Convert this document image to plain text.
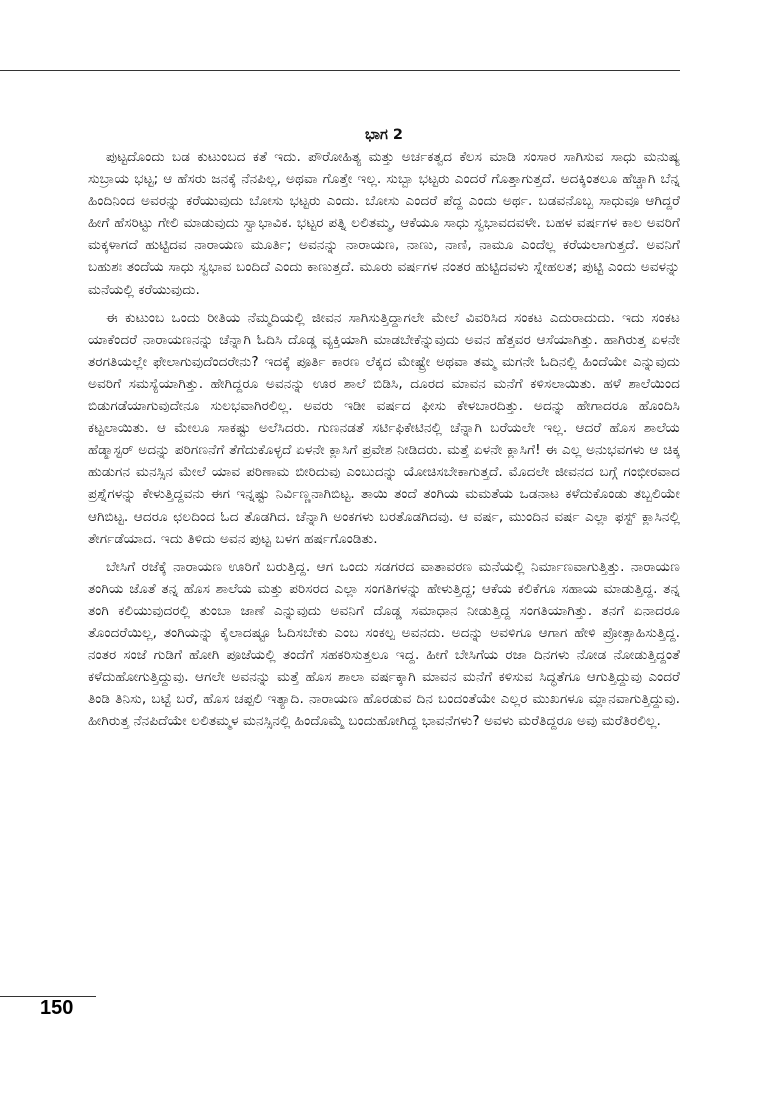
ಭಾಗ 2

ಪುಟ್ಟದೊಂದು ಬಡ ಕುಟುಂಬದ ಕತೆ ಇದು. ಪೌರೋಹಿತ್ಯ ಮತ್ತು ಅರ್ಚಕತ್ವದ ಕೆಲಸ ಮಾಡಿ ಸಂಸಾರ ಸಾಗಿಸುವ ಸಾಧು ಮನುಷ್ಯ ಸುಬ್ರಾಯ ಭಟ್ಟ; ಆ ಹೆಸರು ಜನಕ್ಕೆ ನೆನಪಿಲ್ಲ, ಅಥವಾ ಗೊತ್ತೇ ಇಲ್ಲ. ಸುಬ್ಬಾ ಭಟ್ಟರು ಎಂದರೆ ಗೊತ್ತಾಗುತ್ತದೆ. ಅದಕ್ಕಿಂತಲೂ ಹೆಚ್ಚಾಗಿ ಬೆನ್ನ ಹಿಂದಿನಿಂದ ಅವರನ್ನು ಕರೆಯುವುದು ಬೋಸು ಭಟ್ಟರು ಎಂದು. ಬೋಸು ಎಂದರೆ ಪೆದ್ದ ಎಂದು ಅರ್ಥ. ಬಡವನೊಬ್ಬ ಸಾಧುವೂ ಆಗಿದ್ದರೆ ಹೀಗೆ ಹೆಸರಿಟ್ಟು ಗೇಲಿ ಮಾಡುವುದು ಸ್ವಾಭಾವಿಕ. ಭಟ್ಟರ ಪತ್ನಿ ಲಲಿತಮ್ಮ, ಆಕೆಯೂ ಸಾಧು ಸ್ವಭಾವದವಳೇ. ಬಹಳ ವರ್ಷಗಳ ಕಾಲ ಅವರಿಗೆ ಮಕ್ಕಳಾಗದೆ ಹುಟ್ಟಿದವ ನಾರಾಯಣ ಮೂರ್ತಿ; ಅವನನ್ನು ನಾರಾಯಣ, ನಾಣು, ನಾಣಿ, ನಾಮೂ ಎಂದೆಲ್ಲ ಕರೆಯಲಾಗುತ್ತದೆ. ಅವನಿಗೆ ಬಹುಶಃ ತಂದೆಯ ಸಾಧು ಸ್ವಭಾವ ಬಂದಿದೆ ಎಂದು ಕಾಣುತ್ತದೆ. ಮೂರು ವರ್ಷಗಳ ನಂತರ ಹುಟ್ಟಿದವಳು ಸ್ನೇಹಲತ; ಪುಟ್ಟಿ ಎಂದು ಅವಳನ್ನು ಮನೆಯಲ್ಲಿ ಕರೆಯುವುದು.

ಈ ಕುಟುಂಬ ಒಂದು ರೀತಿಯ ನೆಮ್ಮದಿಯಲ್ಲಿ ಜೀವನ ಸಾಗಿಸುತ್ತಿದ್ದಾಗಲೇ ಮೇಲೆ ವಿವರಿಸಿದ ಸಂಕಟ ಎದುರಾದುದು. ಇದು ಸಂಕಟ ಯಾಕೆಂದರೆ ನಾರಾಯಣನನ್ನು ಚೆನ್ನಾಗಿ ಓದಿಸಿ ದೊಡ್ಡ ವ್ಯಕ್ತಿಯಾಗಿ ಮಾಡಬೇಕೆನ್ನುವುದು ಅವನ ಹೆತ್ತವರ ಆಸೆಯಾಗಿತ್ತು. ಹಾಗಿರುತ್ತ ಏಳನೇ ತರಗತಿಯಲ್ಲೇ ಫೇಲಾಗುವುದೆಂದರೇನು? ಇದಕ್ಕೆ ಪೂರ್ತಿ ಕಾರಣ ಲೆಕ್ಕದ ಮೇಷ್ಟ್ರೇ ಅಥವಾ ತಮ್ಮ ಮಗನೇ ಓದಿನಲ್ಲಿ ಹಿಂದೆಯೇ ಎನ್ನುವುದು ಅವರಿಗೆ ಸಮಸ್ಯೆಯಾಗಿತ್ತು. ಹೇಗಿದ್ದರೂ ಅವನನ್ನು ಊರ ಶಾಲೆ ಬಿಡಿಸಿ, ದೂರದ ಮಾವನ ಮನೆಗೆ ಕಳಿಸಲಾಯಿತು. ಹಳೆ ಶಾಲೆಯಿಂದ ಬಿಡುಗಡೆಯಾಗುವುದೇನೂ ಸುಲಭವಾಗಿರಲಿಲ್ಲ. ಅವರು ಇಡೀ ವರ್ಷದ ಫೀಸು ಕೇಳಬಾರದಿತ್ತು. ಅದನ್ನು ಹೇಗಾದರೂ ಹೊಂದಿಸಿ ಕಟ್ಟಲಾಯಿತು. ಆ ಮೇಲೂ ಸಾಕಷ್ಟು ಅಲೆಸಿದರು. ಗುಣನಡತೆ ಸರ್ಟಿಫಿಕೇಟಿನಲ್ಲಿ ಚೆನ್ನಾಗಿ ಬರೆಯಲೇ ಇಲ್ಲ. ಆದರೆ ಹೊಸ ಶಾಲೆಯ ಹೆಡ್ಮಾಸ್ಟರ್ ಅದನ್ನು ಪರಿಗಣನೆಗೆ ತೆಗೆದುಕೊಳ್ಳದೆ ಏಳನೇ ಕ್ಲಾಸಿಗೆ ಪ್ರವೇಶ ನೀಡಿದರು. ಮತ್ತೆ ಏಳನೇ ಕ್ಲಾಸಿಗೆ! ಈ ಎಲ್ಲ ಅನುಭವಗಳು ಆ ಚಿಕ್ಕ ಹುಡುಗನ ಮನಸ್ಸಿನ ಮೇಲೆ ಯಾವ ಪರಿಣಾಮ ಬೀರಿದುವು ಎಂಬುದನ್ನು ಯೋಚಿಸಬೇಕಾಗುತ್ತದೆ. ಮೊದಲೇ ಜೀವನದ ಬಗ್ಗೆ ಗಂಭೀರವಾದ ಪ್ರಶ್ನೆಗಳನ್ನು ಕೇಳುತ್ತಿದ್ದವನು ಈಗ ಇನ್ನಷ್ಟು ನಿರ್ವಿಣ್ಣನಾಗಿಬಿಟ್ಟ. ತಾಯಿ ತಂದೆ ತಂಗಿಯ ಮಮತೆಯ ಒಡನಾಟ ಕಳೆದುಕೊಂಡು ತಬ್ಬಲಿಯೇ ಆಗಿಬಿಟ್ಟ. ಆದರೂ ಛಲದಿಂದ ಓದ ತೊಡಗಿದ. ಚೆನ್ನಾಗಿ ಅಂಕಗಳು ಬರತೊಡಗಿದವು. ಆ ವರ್ಷ, ಮುಂದಿನ ವರ್ಷ ಎಲ್ಲಾ ಫಸ್ಟ್ ಕ್ಲಾಸಿನಲ್ಲಿ ತೇರ್ಗಡೆಯಾದ. ಇದು ತಿಳಿದು ಅವನ ಪುಟ್ಟ ಬಳಗ ಹರ್ಷಗೊಂಡಿತು.

ಬೇಸಿಗೆ ರಜೆಕ್ಕೆ ನಾರಾಯಣ ಊರಿಗೆ ಬರುತ್ತಿದ್ದ. ಆಗ ಒಂದು ಸಡಗರದ ವಾತಾವರಣ ಮನೆಯಲ್ಲಿ ನಿರ್ಮಾಣವಾಗುತ್ತಿತ್ತು. ನಾರಾಯಣ ತಂಗಿಯ ಜೊತೆ ತನ್ನ ಹೊಸ ಶಾಲೆಯ ಮತ್ತು ಪರಿಸರದ ಎಲ್ಲಾ ಸಂಗತಿಗಳನ್ನು ಹೇಳುತ್ತಿದ್ದ; ಆಕೆಯ ಕಲಿಕೆಗೂ ಸಹಾಯ ಮಾಡುತ್ತಿದ್ದ. ತನ್ನ ತಂಗಿ ಕಲಿಯುವುದರಲ್ಲಿ ತುಂಬಾ ಜಾಣೆ ಎನ್ನುವುದು ಅವನಿಗೆ ದೊಡ್ಡ ಸಮಾಧಾನ ನೀಡುತ್ತಿದ್ದ ಸಂಗತಿಯಾಗಿತ್ತು. ತನಗೆ ಏನಾದರೂ ತೊಂದರೆಯಿಲ್ಲ, ತಂಗಿಯನ್ನು ಕೈಲಾದಷ್ಟೂ ಓದಿಸಬೇಕು ಎಂಬ ಸಂಕಲ್ಪ ಅವನದು. ಅದನ್ನು ಅವಳಿಗೂ ಆಗಾಗ ಹೇಳಿ ಪ್ರೋತ್ಸಾಹಿಸುತ್ತಿದ್ದ. ನಂತರ ಸಂಜೆ ಗುಡಿಗೆ ಹೋಗಿ ಪೂಜೆಯಲ್ಲಿ ತಂದೆಗೆ ಸಹಕರಿಸುತ್ತಲೂ ಇದ್ದ. ಹೀಗೆ ಬೇಸಿಗೆಯ ರಜಾ ದಿನಗಳು ನೋಡ ನೋಡುತ್ತಿದ್ದಂತೆ ಕಳೆದುಹೋಗುತ್ತಿದ್ದುವು. ಆಗಲೇ ಅವನನ್ನು ಮತ್ತೆ ಹೊಸ ಶಾಲಾ ವರ್ಷಕ್ಕಾಗಿ ಮಾವನ ಮನೆಗೆ ಕಳಿಸುವ ಸಿದ್ಧತೆಗೂ ಆಗುತ್ತಿದ್ದುವು ಎಂದರೆ ತಿಂಡಿ ತಿನಿಸು, ಬಟ್ಟೆ ಬರೆ, ಹೊಸ ಚಪ್ಪಲಿ ಇತ್ಯಾದಿ. ನಾರಾಯಣ ಹೊರಡುವ ದಿನ ಬಂದಂತೆಯೇ ಎಲ್ಲರ ಮುಖಗಳೂ ಮ್ಲಾನವಾಗುತ್ತಿದ್ದುವು. ಹೀಗಿರುತ್ತ ನೆನಪಿದೆಯೇ ಲಲಿತಮ್ಮಳ ಮನಸ್ಸಿನಲ್ಲಿ ಹಿಂದೊಮ್ಮೆ ಬಂದುಹೋಗಿದ್ದ ಭಾವನೆಗಳು? ಅವಳು ಮರೆತಿದ್ದರೂ ಅವು ಮರೆತಿರಲಿಲ್ಲ.

150
